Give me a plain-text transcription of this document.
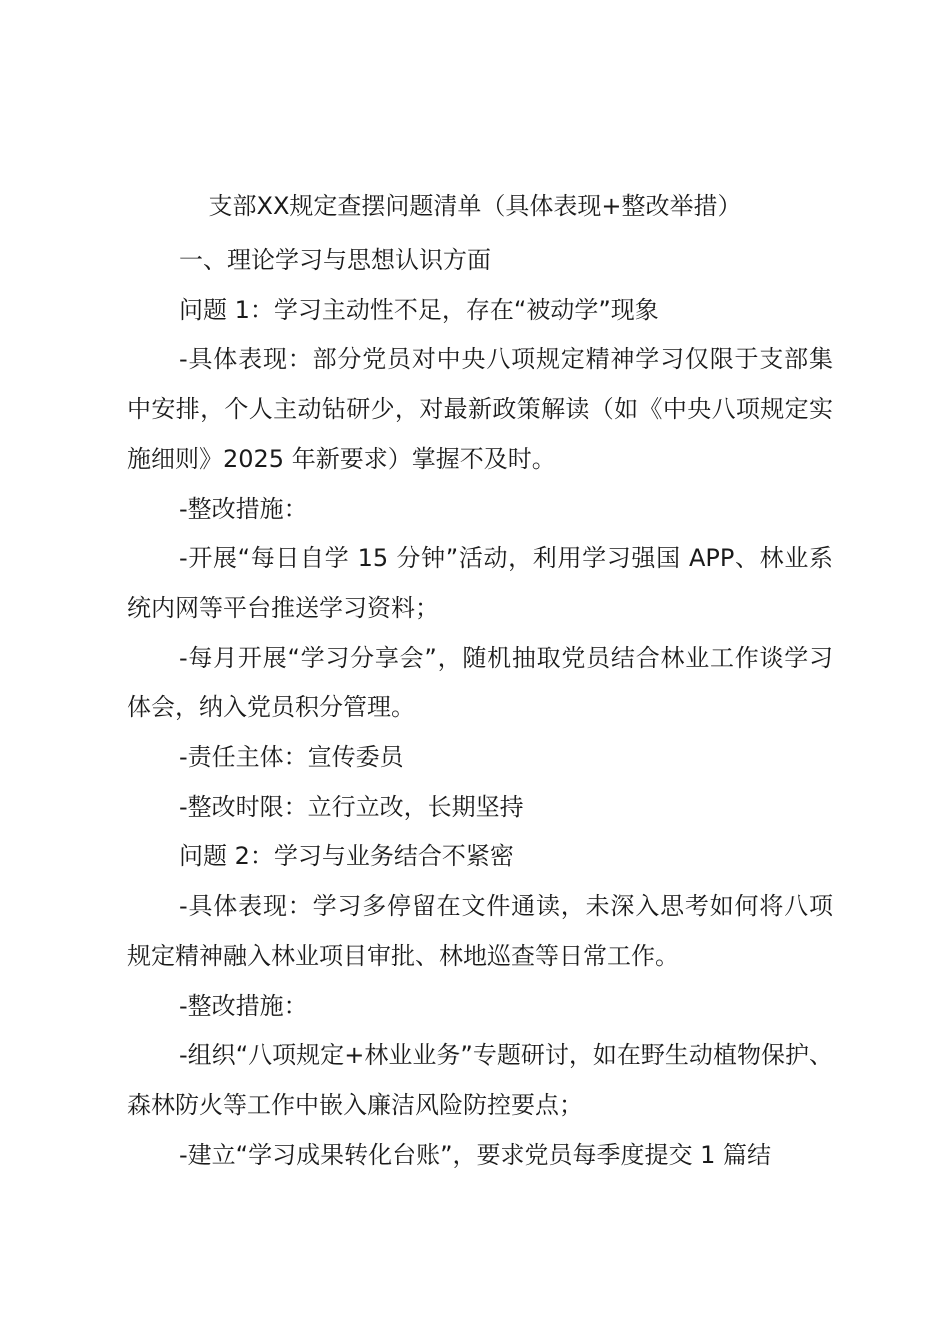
支部XX规定查摆问题清单（具体表现+整改举措）

一、理论学习与思想认识方面

问题 1：学习主动性不足，存在“被动学”现象

-具体表现：部分党员对中央八项规定精神学习仅限于支部集中安排，个人主动钻研少，对最新政策解读（如《中央八项规定实施细则》2025 年新要求）掌握不及时。

-整改措施：

-开展“每日自学 15 分钟”活动，利用学习强国 APP、林业系统内网等平台推送学习资料；

-每月开展“学习分享会”，随机抽取党员结合林业工作谈学习体会，纳入党员积分管理。

-责任主体：宣传委员

-整改时限：立行立改，长期坚持

问题 2：学习与业务结合不紧密

-具体表现：学习多停留在文件通读，未深入思考如何将八项规定精神融入林业项目审批、林地巡查等日常工作。

-整改措施：

-组织“八项规定+林业业务”专题研讨，如在野生动植物保护、森林防火等工作中嵌入廉洁风险防控要点；

-建立“学习成果转化台账”，要求党员每季度提交 1 篇结
